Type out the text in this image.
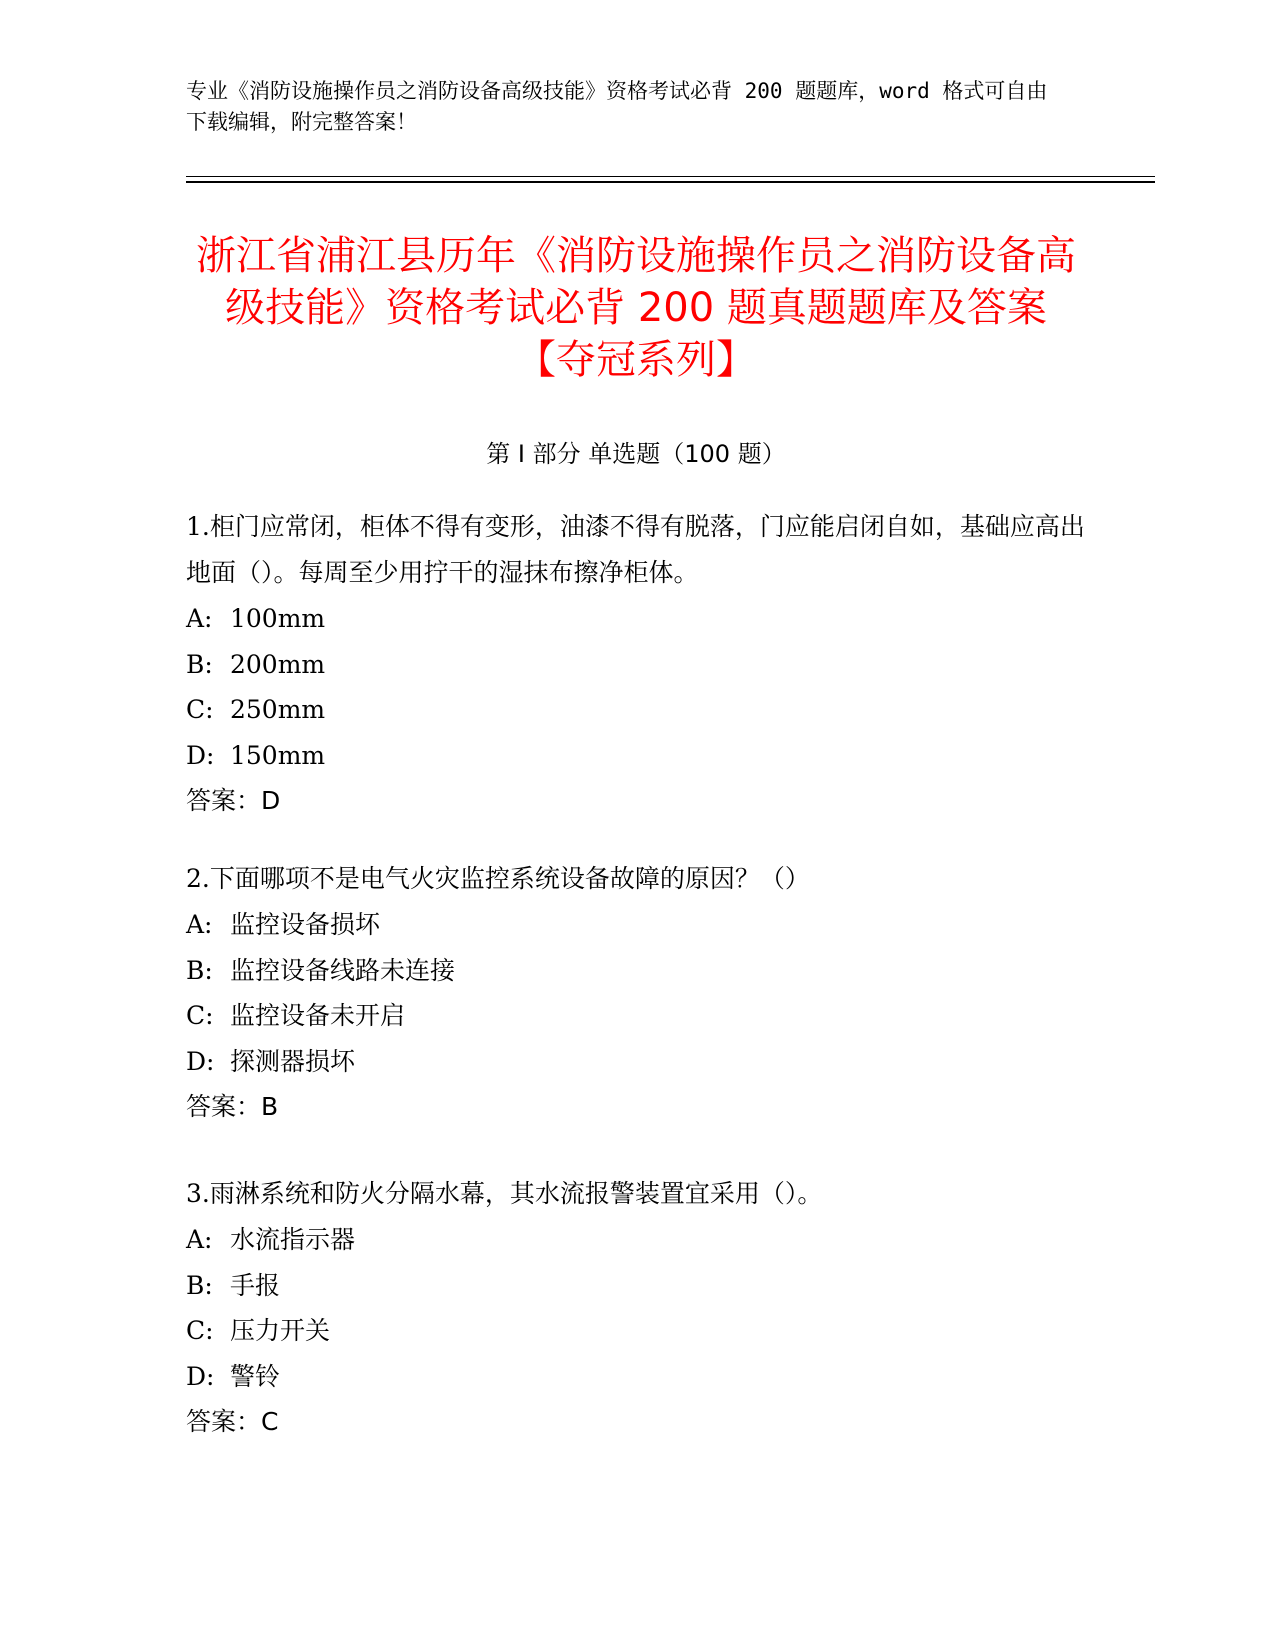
专业《消防设施操作员之消防设备高级技能》资格考试必背 200 题题库，word 格式可自由下载编辑，附完整答案！
浙江省浦江县历年《消防设施操作员之消防设备高级技能》资格考试必背 200 题真题题库及答案【夺冠系列】
第 I 部分 单选题（100 题）
1.柜门应常闭，柜体不得有变形，油漆不得有脱落，门应能启闭自如，基础应高出地面（）。每周至少用拧干的湿抹布擦净柜体。
A: 100mm
B: 200mm
C: 250mm
D: 150mm
答案：D
2.下面哪项不是电气火灾监控系统设备故障的原因？（）
A: 监控设备损坏
B: 监控设备线路未连接
C: 监控设备未开启
D: 探测器损坏
答案：B
3.雨淋系统和防火分隔水幕，其水流报警装置宜采用（）。
A: 水流指示器
B: 手报
C: 压力开关
D: 警铃
答案：C
